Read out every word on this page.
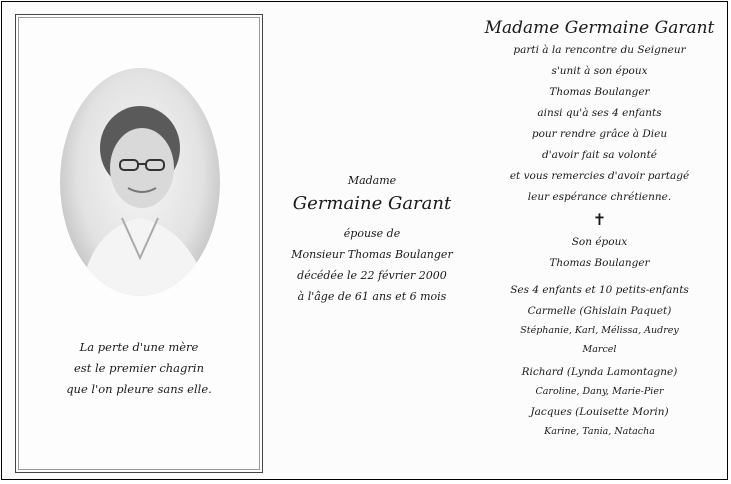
La perte d'une mère
est le premier chagrin
que l'on pleure sans elle.
Madame
Germaine Garant
épouse de
Monsieur Thomas Boulanger
décédée le 22 février 2000
à l'âge de 61 ans et 6 mois
Madame Germaine Garant
parti à la rencontre du Seigneur
s'unit à son époux
Thomas Boulanger
ainsi qu'à ses 4 enfants
pour rendre grâce à Dieu
d'avoir fait sa volonté
et vous remercies d'avoir partagé
leur espérance chrétienne.
✝
Son époux
Thomas Boulanger
Ses 4 enfants et 10 petits-enfants
Carmelle (Ghislain Paquet)
Stéphanie, Karl, Mélissa, Audrey
Marcel
Richard (Lynda Lamontagne)
Caroline, Dany, Marie-Pier
Jacques (Louisette Morin)
Karine, Tania, Natacha
